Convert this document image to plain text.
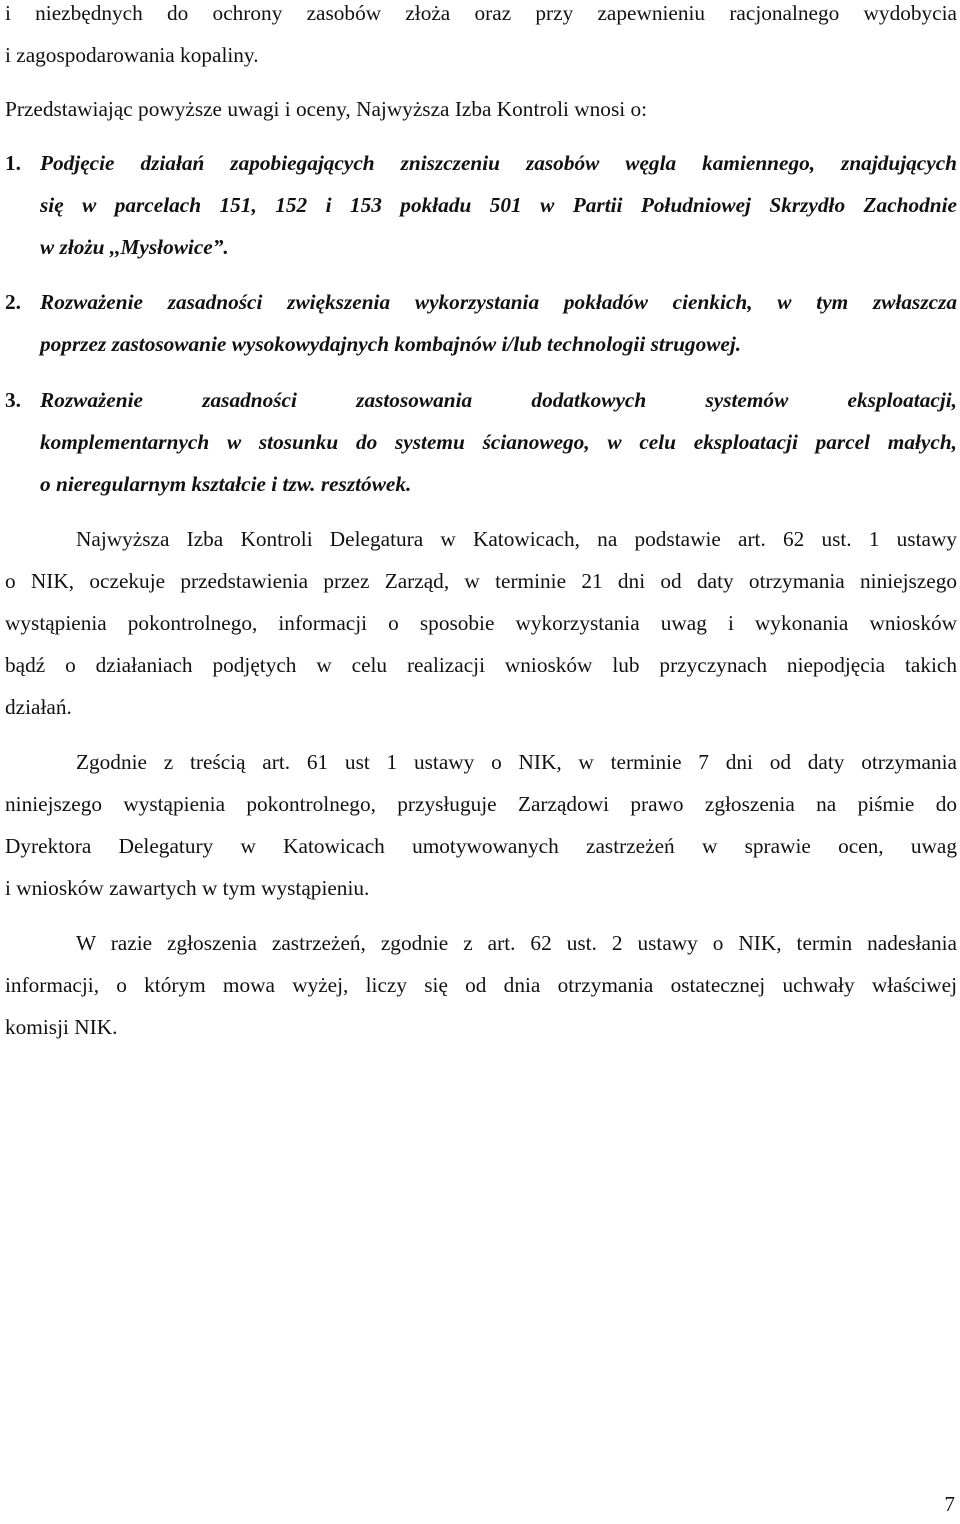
i niezbędnych do ochrony zasobów złoża oraz przy zapewnieniu racjonalnego wydobycia

i zagospodarowania kopaliny.

Przedstawiając powyższe uwagi i oceny, Najwyższa Izba Kontroli wnosi o:

1. Podjęcie działań zapobiegających zniszczeniu zasobów węgla kamiennego, znajdujących

się w parcelach 151, 152 i 153 pokładu 501 w Partii Południowej Skrzydło Zachodnie

w złożu ,,Mysłowice”.

2. Rozważenie zasadności zwiększenia wykorzystania pokładów cienkich, w tym zwłaszcza

poprzez zastosowanie wysokowydajnych kombajnów i/lub technologii strugowej.

3. Rozważenie zasadności zastosowania dodatkowych systemów eksploatacji,

komplementarnych w stosunku do systemu ścianowego, w celu eksploatacji parcel małych,

o nieregularnym kształcie i tzw. resztówek.

Najwyższa Izba Kontroli Delegatura w Katowicach, na podstawie art. 62 ust. 1 ustawy

o NIK, oczekuje przedstawienia przez Zarząd, w terminie 21 dni od daty otrzymania niniejszego

wystąpienia pokontrolnego, informacji o sposobie wykorzystania uwag i wykonania wniosków

bądź o działaniach podjętych w celu realizacji wniosków lub przyczynach niepodjęcia takich

działań.

Zgodnie z treścią art. 61 ust 1 ustawy o NIK, w terminie 7 dni od daty otrzymania

niniejszego wystąpienia pokontrolnego, przysługuje Zarządowi prawo zgłoszenia na piśmie do

Dyrektora Delegatury w Katowicach umotywowanych zastrzeżeń w sprawie ocen, uwag

i wniosków zawartych w tym wystąpieniu.

W razie zgłoszenia zastrzeżeń, zgodnie z art. 62 ust. 2 ustawy o NIK, termin nadesłania

informacji, o którym mowa wyżej, liczy się od dnia otrzymania ostatecznej uchwały właściwej

komisji NIK.

7
